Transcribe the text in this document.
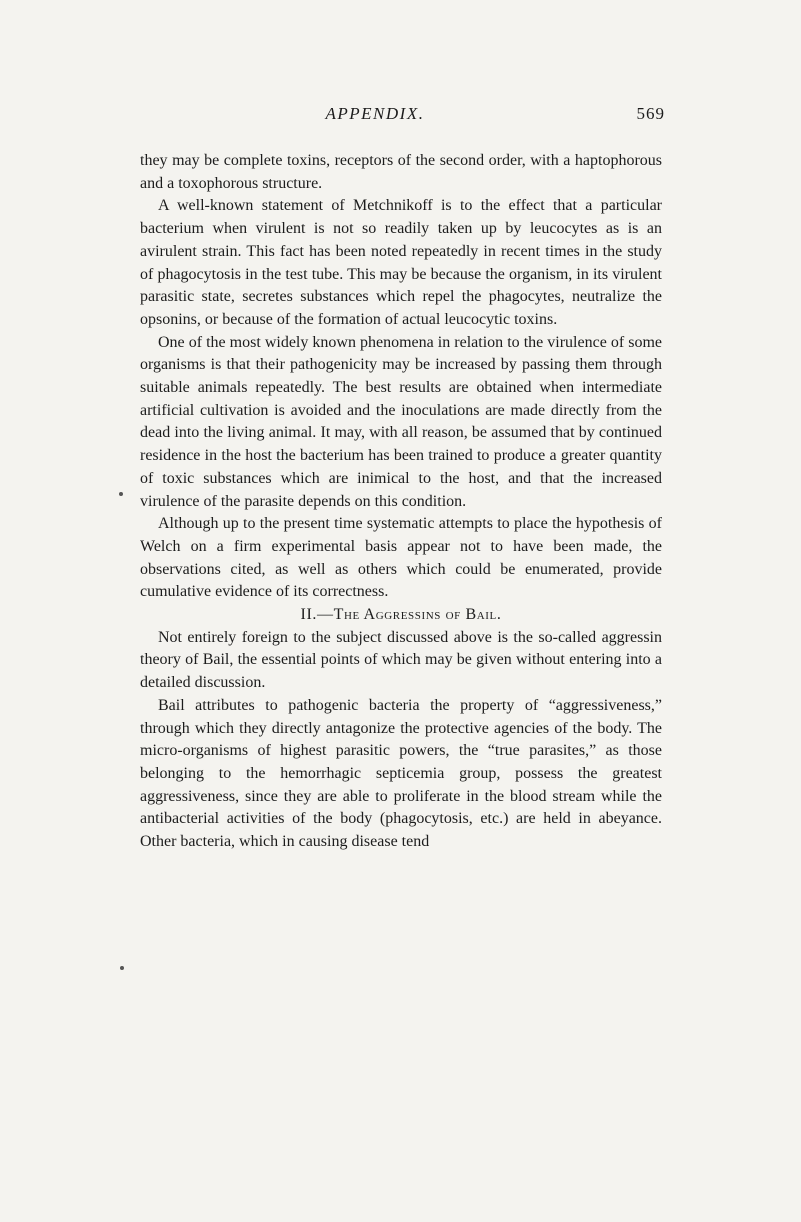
APPENDIX.	569

they may be complete toxins, receptors of the second order, with a haptophorous and a toxophorous structure.

A well-known statement of Metchnikoff is to the effect that a particular bacterium when virulent is not so readily taken up by leucocytes as is an avirulent strain. This fact has been noted repeatedly in recent times in the study of phagocytosis in the test tube. This may be because the organism, in its virulent parasitic state, secretes substances which repel the phagocytes, neutralize the opsonins, or because of the formation of actual leucocytic toxins.

One of the most widely known phenomena in relation to the virulence of some organisms is that their pathogenicity may be increased by passing them through suitable animals repeatedly. The best results are obtained when intermediate artificial cultivation is avoided and the inoculations are made directly from the dead into the living animal. It may, with all reason, be assumed that by continued residence in the host the bacterium has been trained to produce a greater quantity of toxic substances which are inimical to the host, and that the increased virulence of the parasite depends on this condition.

Although up to the present time systematic attempts to place the hypothesis of Welch on a firm experimental basis appear not to have been made, the observations cited, as well as others which could be enumerated, provide cumulative evidence of its correctness.

II.—The Aggressins of Bail.

Not entirely foreign to the subject discussed above is the so-called aggressin theory of Bail, the essential points of which may be given without entering into a detailed discussion.

Bail attributes to pathogenic bacteria the property of “aggressiveness,” through which they directly antagonize the protective agencies of the body. The micro-organisms of highest parasitic powers, the “true parasites,” as those belonging to the hemorrhagic septicemia group, possess the greatest aggressiveness, since they are able to proliferate in the blood stream while the antibacterial activities of the body (phagocytosis, etc.) are held in abeyance. Other bacteria, which in causing disease tend
